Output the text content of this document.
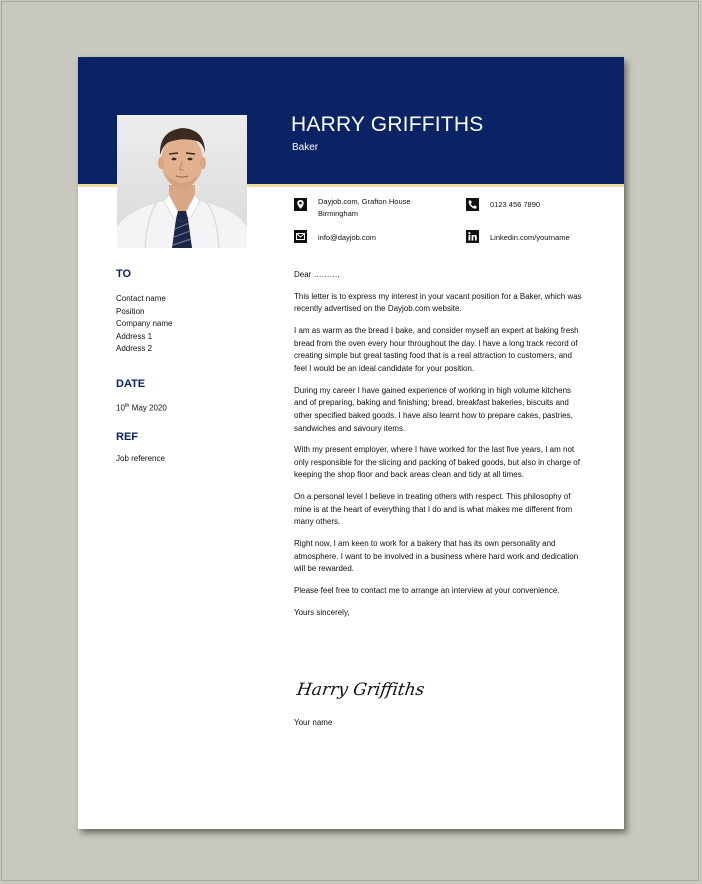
HARRY GRIFFITHS
Baker
Dayjob.com, Grafton House
Birmingham
0123 456 7890
info@dayjob.com	Linkedin.com/yourname
TO
Contact name
Position
Company name
Address 1
Address 2
DATE
10th May 2020
REF
Job reference

Dear ………,

This letter is to express my interest in your vacant position for a Baker, which was recently advertised on the Dayjob.com website.

I am as warm as the bread I bake, and consider myself an expert at baking fresh bread from the oven every hour throughout the day. I have a long track record of creating simple but great tasting food that is a real attraction to customers, and feel I would be an ideal candidate for your position.

During my career I have gained experience of working in high volume kitchens and of preparing, baking and finishing; bread, breakfast bakeries, biscuits and other specified baked goods. I have also learnt how to prepare cakes, pastries, sandwiches and savoury items.

With my present employer, where I have worked for the last five years, I am not only responsible for the slicing and packing of baked goods, but also in charge of keeping the shop floor and back areas clean and tidy at all times.

On a personal level I believe in treating others with respect. This philosophy of mine is at the heart of everything that I do and is what makes me different from many others.

Right now, I am keen to work for a bakery that has its own personality and atmosphere. I want to be involved in a business where hard work and dedication will be rewarded.

Please feel free to contact me to arrange an interview at your convenience.

Yours sincerely,

Harry Griffiths
Your name
